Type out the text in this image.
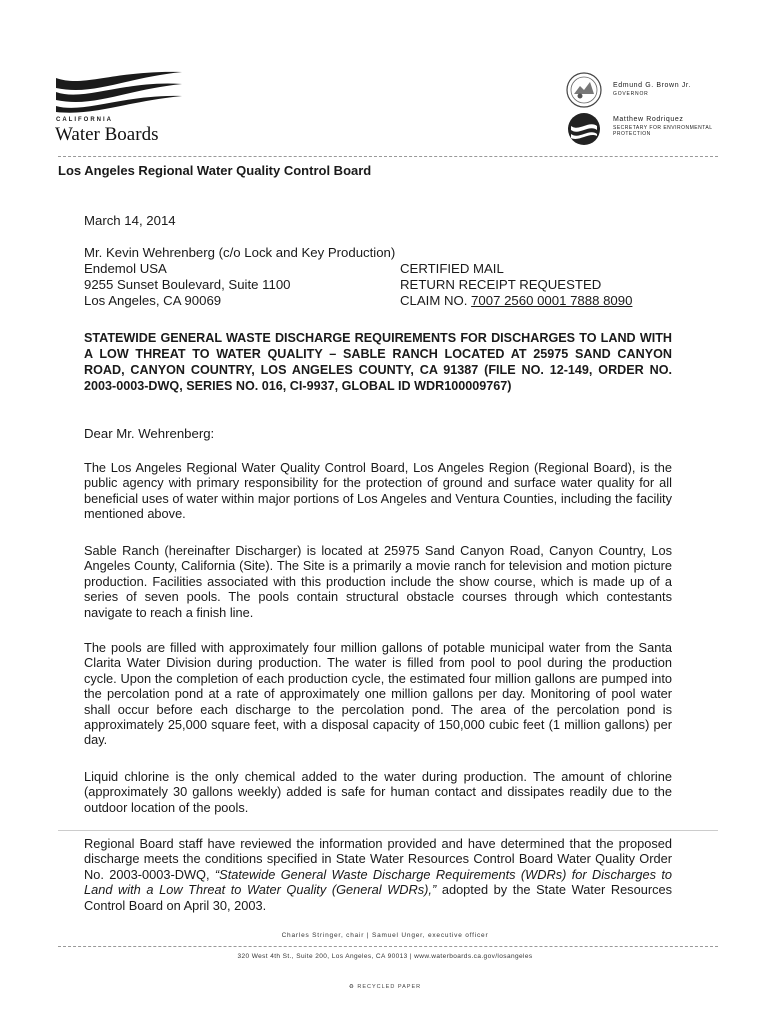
CALIFORNIA
Water Boards
Edmund G. Brown Jr.
GOVERNOR
Matthew Rodriquez
SECRETARY FOR ENVIRONMENTAL PROTECTION
Los Angeles Regional Water Quality Control Board
March 14, 2014
Mr. Kevin Wehrenberg (c/o Lock and Key Production)
Endemol USA
9255 Sunset Boulevard, Suite 1100
Los Angeles, CA 90069
CERTIFIED MAIL
RETURN RECEIPT REQUESTED
CLAIM NO. 7007 2560 0001 7888 8090
STATEWIDE GENERAL WASTE DISCHARGE REQUIREMENTS FOR DISCHARGES TO LAND WITH A LOW THREAT TO WATER QUALITY – SABLE RANCH LOCATED AT 25975 SAND CANYON ROAD, CANYON COUNTRY, LOS ANGELES COUNTY, CA 91387 (FILE NO. 12-149, ORDER NO. 2003-0003-DWQ, SERIES NO. 016, CI-9937, GLOBAL ID WDR100009767)
Dear Mr. Wehrenberg:
The Los Angeles Regional Water Quality Control Board, Los Angeles Region (Regional Board), is the public agency with primary responsibility for the protection of ground and surface water quality for all beneficial uses of water within major portions of Los Angeles and Ventura Counties, including the facility mentioned above.
Sable Ranch (hereinafter Discharger) is located at 25975 Sand Canyon Road, Canyon Country, Los Angeles County, California (Site). The Site is a primarily a movie ranch for television and motion picture production. Facilities associated with this production include the show course, which is made up of a series of seven pools. The pools contain structural obstacle courses through which contestants navigate to reach a finish line.
The pools are filled with approximately four million gallons of potable municipal water from the Santa Clarita Water Division during production. The water is filled from pool to pool during the production cycle. Upon the completion of each production cycle, the estimated four million gallons are pumped into the percolation pond at a rate of approximately one million gallons per day. Monitoring of pool water shall occur before each discharge to the percolation pond. The area of the percolation pond is approximately 25,000 square feet, with a disposal capacity of 150,000 cubic feet (1 million gallons) per day.
Liquid chlorine is the only chemical added to the water during production. The amount of chlorine (approximately 30 gallons weekly) added is safe for human contact and dissipates readily due to the outdoor location of the pools.
Regional Board staff have reviewed the information provided and have determined that the proposed discharge meets the conditions specified in State Water Resources Control Board Water Quality Order No. 2003-0003-DWQ, “Statewide General Waste Discharge Requirements (WDRs) for Discharges to Land with a Low Threat to Water Quality (General WDRs),” adopted by the State Water Resources Control Board on April 30, 2003.
Charles Stringer, chair | Samuel Unger, executive officer
320 West 4th St., Suite 200, Los Angeles, CA 90013 | www.waterboards.ca.gov/losangeles
♻ RECYCLED PAPER
